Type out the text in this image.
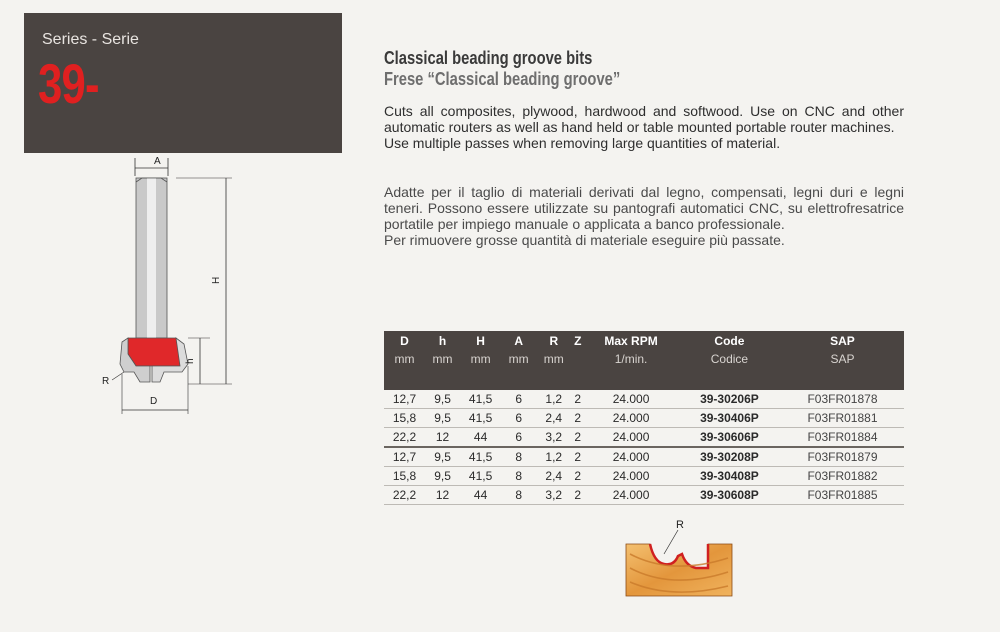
Series - Serie
39-	Classical beading groove bits
Frese “Classical beading groove”

Cuts all composites, plywood, hardwood and softwood. Use on CNC and other automatic routers as well as hand held or table mounted portable router machines.

Use multiple passes when removing large quantities of material.

Adatte per il taglio di materiali derivati dal legno, compensati, legni duri e legni teneri. Possono essere utilizzate su pantografi automatici CNC, su elettrofresatrice portatile per impiego manuale o applicata a banco professionale.

Per rimuovere grosse quantità di materiale eseguire più passate.

A
H
h
R
D
D	h	H	A	R	Z	Max RPM	Code	SAP
mm	mm	mm	mm	mm		1/min.	Codice	SAP
12,7	9,5	41,5	6	1,2	2	24.000	39-30206P	F03FR01878
15,8	9,5	41,5	6	2,4	2	24.000	39-30406P	F03FR01881
22,2	12	44	6	3,2	2	24.000	39-30606P	F03FR01884
12,7	9,5	41,5	8	1,2	2	24.000	39-30208P	F03FR01879
15,8	9,5	41,5	8	2,4	2	24.000	39-30408P	F03FR01882
22,2	12	44	8	3,2	2	24.000	39-30608P	F03FR01885
R
